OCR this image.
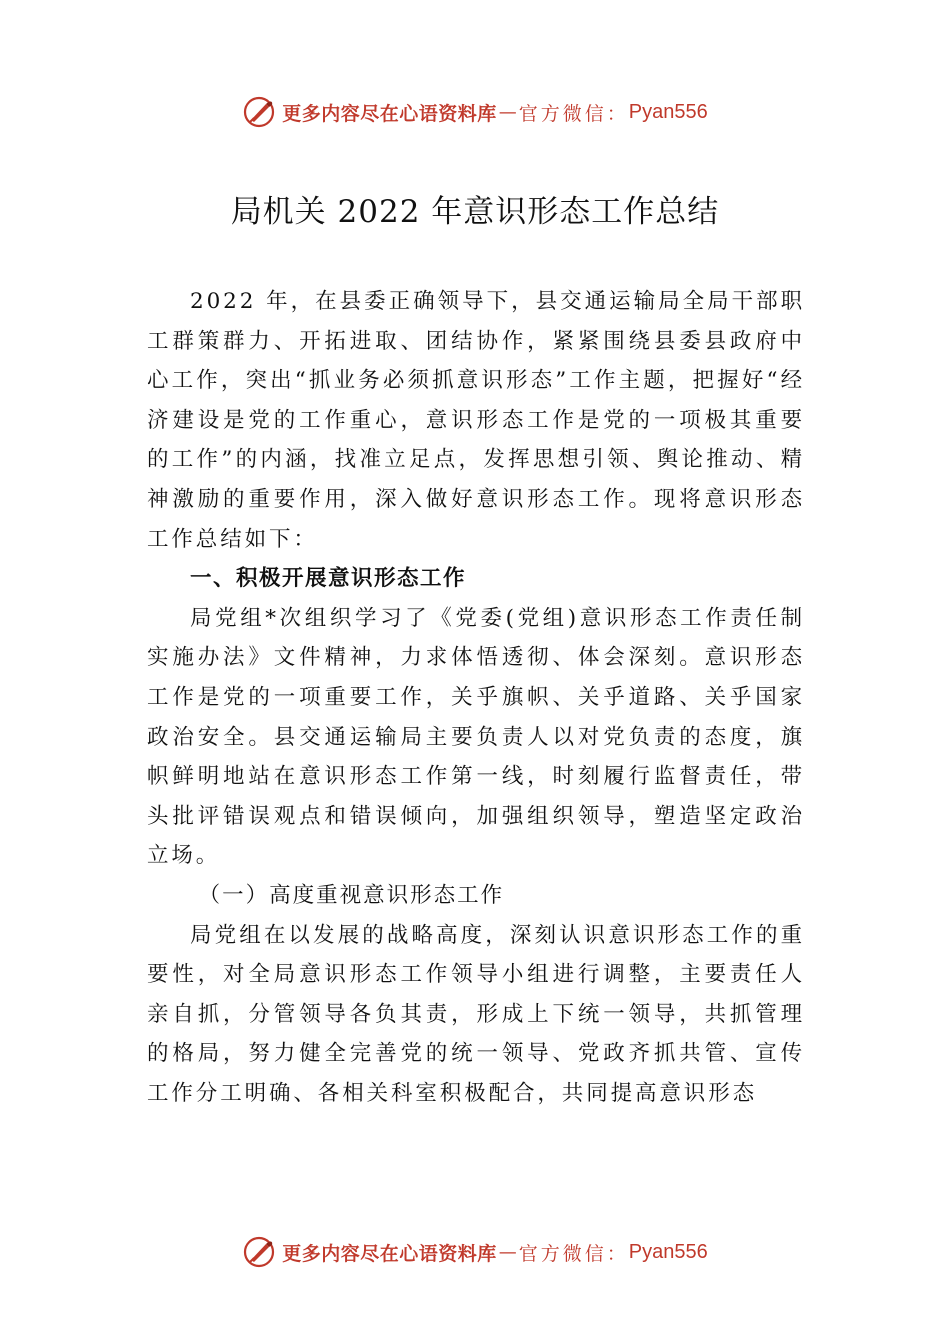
更多内容尽在心语资料库 — 官方微信： Pyan556
局机关 2022 年意识形态工作总结

2022 年，在县委正确领导下，县交通运输局全局干部职工群策群力、开拓进取、团结协作，紧紧围绕县委县政府中心工作，突出“抓业务必须抓意识形态”工作主题，把握好“经济建设是党的工作重心，意识形态工作是党的一项极其重要的工作”的内涵，找准立足点，发挥思想引领、舆论推动、精神激励的重要作用，深入做好意识形态工作。现将意识形态工作总结如下：

一、积极开展意识形态工作

局党组*次组织学习了《党委(党组)意识形态工作责任制实施办法》文件精神，力求体悟透彻、体会深刻。意识形态工作是党的一项重要工作，关乎旗帜、关乎道路、关乎国家政治安全。县交通运输局主要负责人以对党负责的态度，旗 帜鲜明地站在意识形态工作第一线，时刻履行监督责任，带头批评错误观点和错误倾向，加强组织领导，塑造坚定政治立场。

（一）高度重视意识形态工作

局党组在以发展的战略高度，深刻认识意识形态工作的重要性，对全局意识形态工作领导小组进行调整，主要责任人亲自抓，分管领导各负其责，形成上下统一领导，共抓管理的格局，努力健全完善党的统一领导、党政齐抓共管、宣传工作分工明确、各相关科室积极配合，共同提高意识形态

更多内容尽在心语资料库 — 官方微信： Pyan556
